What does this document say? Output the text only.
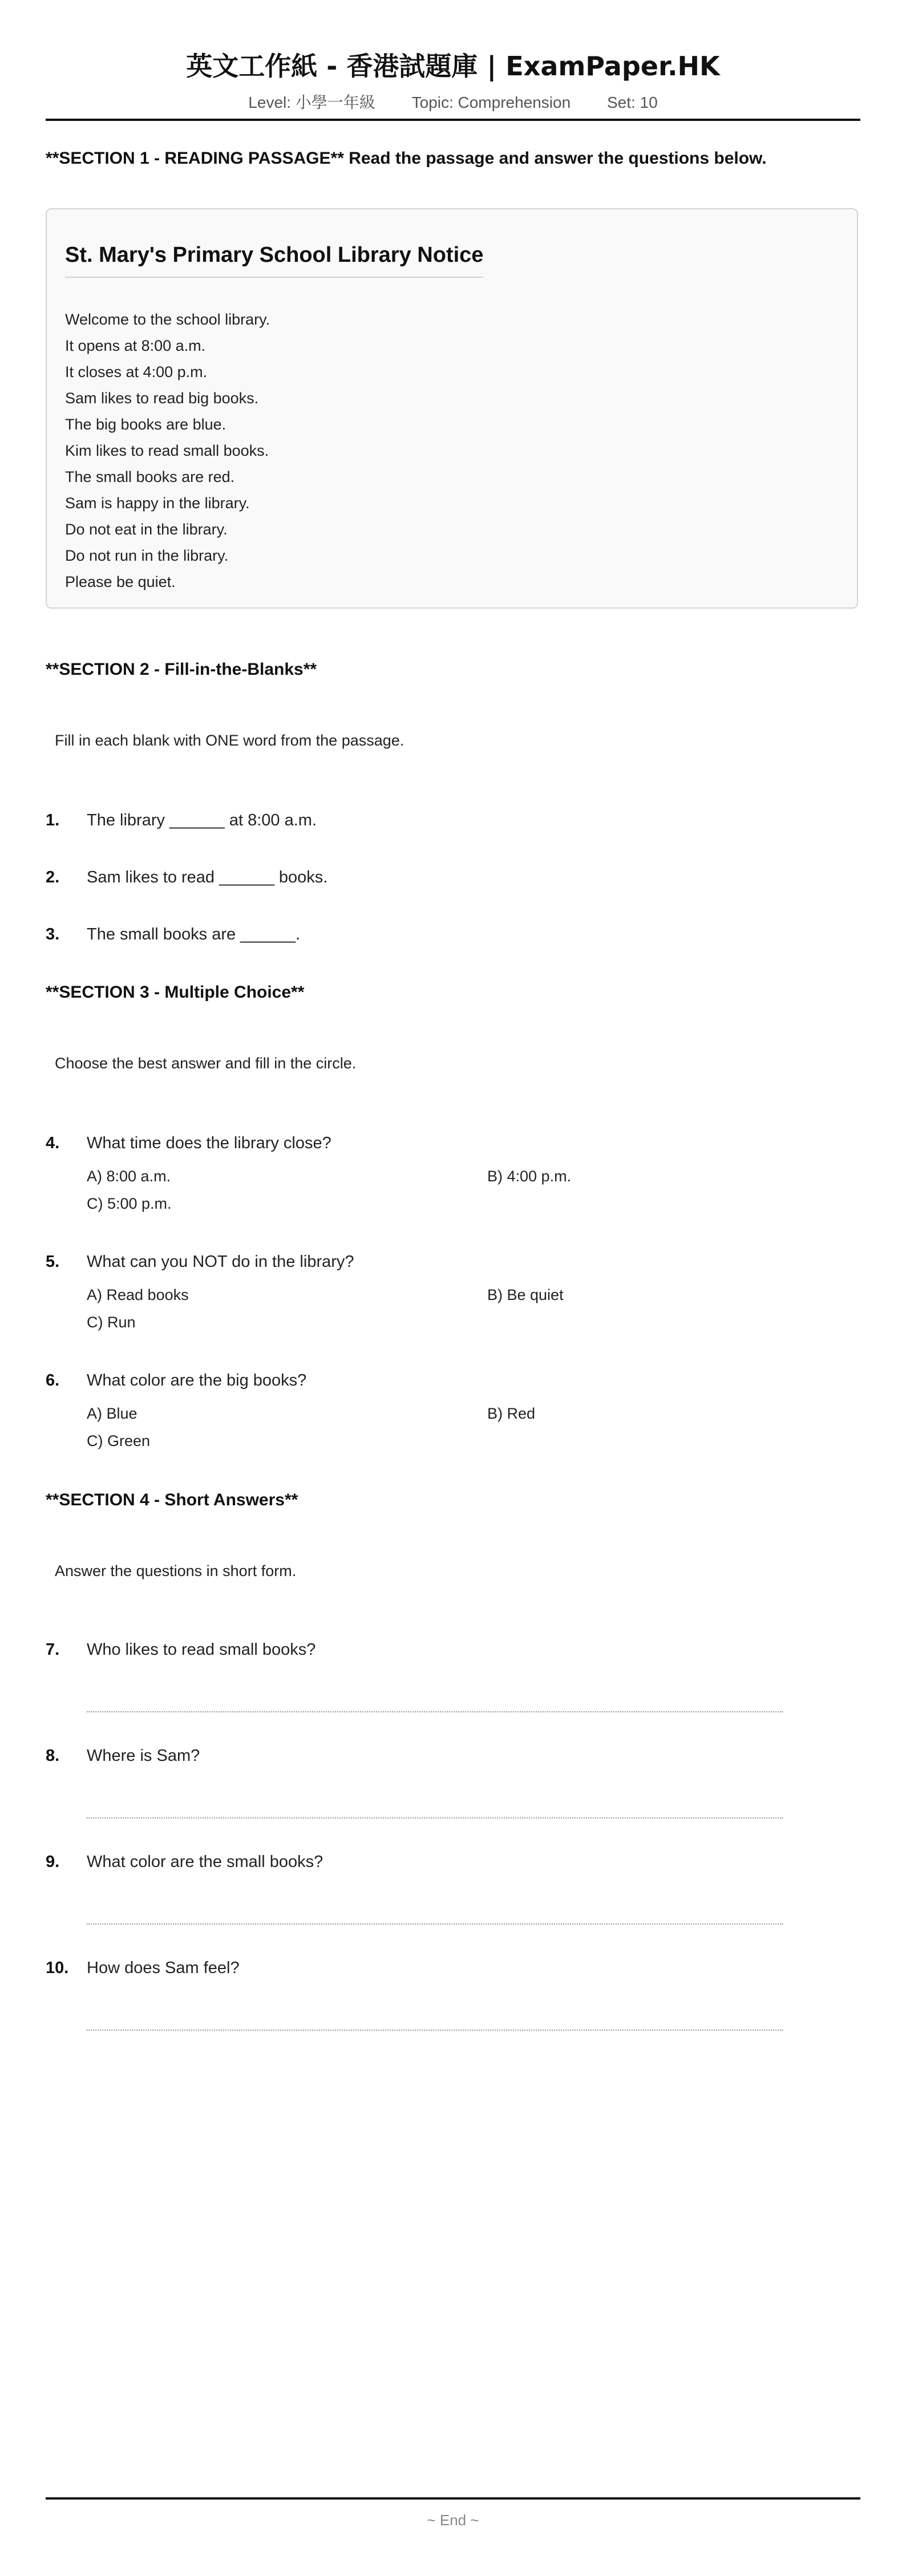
英文工作紙 - 香港試題庫 | ExamPaper.HK
Level: 小學一年級 Topic: Comprehension Set: 10
**SECTION 1 - READING PASSAGE** Read the passage and answer the questions below.
St. Mary's Primary School Library Notice
Welcome to the school library.
It opens at 8:00 a.m.
It closes at 4:00 p.m.
Sam likes to read big books.
The big books are blue.
Kim likes to read small books.
The small books are red.
Sam is happy in the library.
Do not eat in the library.
Do not run in the library.
Please be quiet.
**SECTION 2 - Fill-in-the-Blanks**
Fill in each blank with ONE word from the passage.
1. The library ______ at 8:00 a.m.
2. Sam likes to read ______ books.
3. The small books are ______.
**SECTION 3 - Multiple Choice**
Choose the best answer and fill in the circle.
4. What time does the library close?
A) 8:00 a.m.	B) 4:00 p.m.
C) 5:00 p.m.
5. What can you NOT do in the library?
A) Read books	B) Be quiet
C) Run
6. What color are the big books?
A) Blue	B) Red
C) Green
**SECTION 4 - Short Answers**
Answer the questions in short form.
7. Who likes to read small books?
8. Where is Sam?
9. What color are the small books?
10. How does Sam feel?
~ End ~
